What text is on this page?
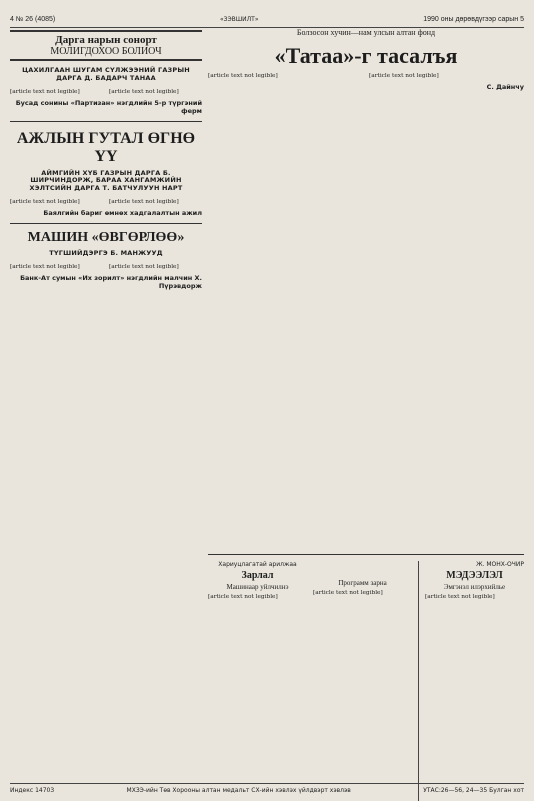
4 № 26 (4085)	«ЗЭВШИЛТ»	1990 оны дөрөвдүгээр сарын 5
Дарга нарын сонорт
МОЛИГДОХОО БОЛИОЧ
ЦАХИЛГААН ШУГАМ СҮЛЖЭЭНИЙ ГАЗРЫН ДАРГА Д. БАДАРЧ ТАНАА
[article text not legible]	[article text not legible]
Бусад сонины «Партизан» нэгдлийн 5-р түргэний ферм
АЖЛЫН ГУТАЛ ӨГНӨ ҮҮ
АЙМГИЙН ХҮБ ГАЗРЫН ДАРГА Б. ШИРЧИНДОРЖ, БАРАА ХАНГАМЖИЙН ХЭЛТСИЙН ДАРГА Т. БАТЧУЛУУН НАРТ
[article text not legible]	[article text not legible]
Баялгийн бариг өмнөх хадгалалтын ажил
МАШИН «ӨВГӨРЛӨӨ»
ТҮГШИЙДЭРГЭ Б. МАНЖУУД
[article text not legible]	[article text not legible]
Банк-Ат сумын «Их зорилт» нэгдлийн малчин Х. Пүрэвдорж
Болзосон хучин—нам улсын алтан фонд
«Татаа»-г тасалъя
[article text not legible]	[article text not legible]
С. Дайнчу
Хариуцлагатай арилжаа
Зарлал
Машинаар уйлчилнэ
[article text not legible]
Программ зарна
[article text not legible]
Ж. МОНХ-ОЧИР
МЭДЭЭЛЭЛ
Эмгэнэл илэрхийлье
[article text not legible]
Индекс 14703	МХЗЭ-ийн Төв Хорооны алтан медальт СХ-ийн хэвлэх үйлдвэрт хэвлэв	УТАС:26—56, 24—35 Булган хот
